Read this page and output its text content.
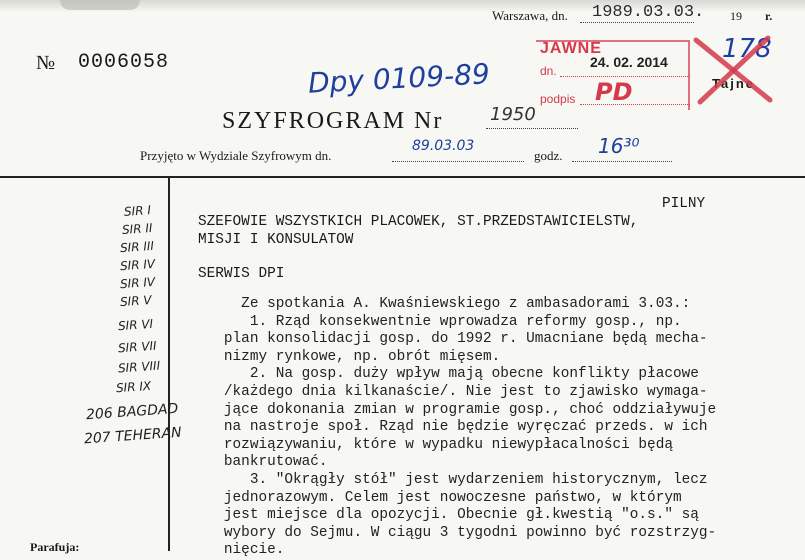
Warszawa, dn. 1989.03.03. 19 r.
№ 0006058	Dpy 0109-89
SZYFROGRAM Nr	1950
Przyjęto w Wydziale Szyfrowym dn.
89.03.03
godz. 16³⁰
JAWNE
dn.
24. 02. 2014
podpis PD
178
Tajne
SIR I
SIR II
SIR III
SIR IV
SIR IV
SIR V
SIR VI
SIR VII
SIR VIII
SIR IX
206 BAGDAD
207 TEHERAN
Parafuja:
PILNY
SZEFOWIE WSZYSTKICH PLACOWEK, ST.PRZEDSTAWICIELSTW,
MISJI I KONSULATOW
SERWIS DPI
Ze spotkania A. Kwaśniewskiego z ambasadorami 3.03.:
1. Rząd konsekwentnie wprowadza reformy gosp., np.
plan konsolidacji gosp. do 1992 r. Umacniane będą mecha-
nizmy rynkowe, np. obrót mięsem.
2. Na gosp. duży wpływ mają obecne konflikty płacowe
/każdego dnia kilkanaście/. Nie jest to zjawisko wymaga-
jące dokonania zmian w programie gosp., choć oddziaływuje
na nastroje społ. Rząd nie będzie wyręczać przeds. w ich
rozwiązywaniu, które w wypadku niewypłacalności będą
bankrutować.
3. "Okrągły stół" jest wydarzeniem historycznym, lecz
jednorazowym. Celem jest nowoczesne państwo, w którym
jest miejsce dla opozycji. Obecnie gł.kwestią "o.s." są
wybory do Sejmu. W ciągu 3 tygodni powinno być rozstrzyg-
nięcie.
